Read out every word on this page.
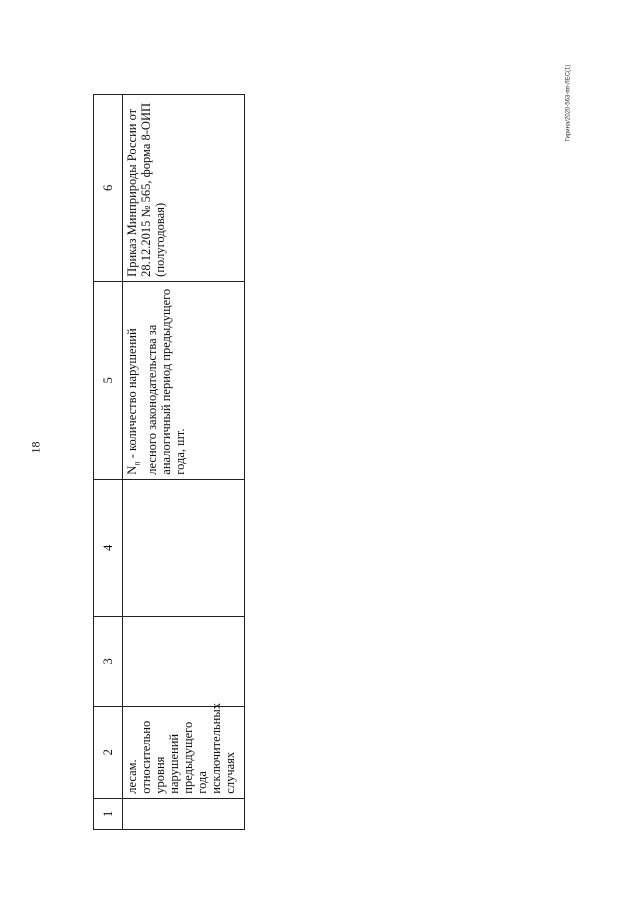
18
Гирина/2020-563-пп-ЛЕС(1)
1	2	3	4	5	6
	лесам. относительно уровня нарушений предыдущего года исключительных случаях			$N_п$ - количество нарушений лесного законодательства за аналогичный период предыдущего года, шт.	Приказ Минприроды России от 28.12.2015 № 565, форма 8-ОИП (полугодовая)
